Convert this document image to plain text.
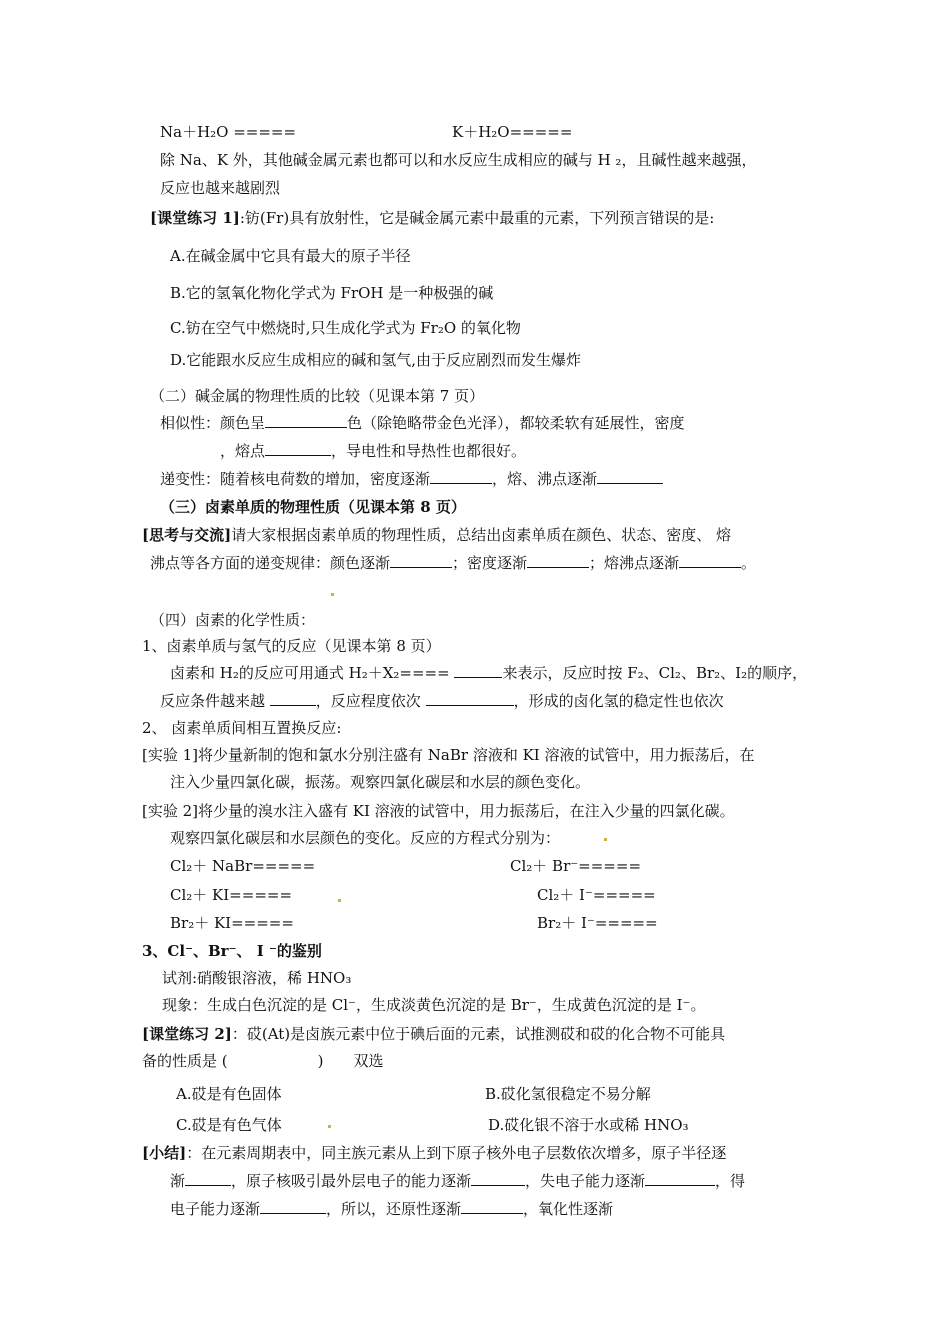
Na＋H₂O =====	K＋H₂O=====
除 Na、K 外，其他碱金属元素也都可以和水反应生成相应的碱与 H ₂，且碱性越来越强，
反应也越来越剧烈
[课堂练习 1]:钫(Fr)具有放射性，它是碱金属元素中最重的元素，下列预言错误的是:
A.在碱金属中它具有最大的原子半径
B.它的氢氧化物化学式为 FrOH 是一种极强的碱
C.钫在空气中燃烧时,只生成化学式为 Fr₂O 的氧化物
D.它能跟水反应生成相应的碱和氢气,由于反应剧烈而发生爆炸
（二）碱金属的物理性质的比较（见课本第 7 页）
相似性：颜色呈	色（除铯略带金色光泽），都较柔软有延展性，密度
，熔点	，导电性和导热性也都很好。
递变性：随着核电荷数的增加，密度逐渐	，熔、沸点逐渐
（三）卤素单质的物理性质（见课本第 8 页）
[思考与交流]请大家根据卤素单质的物理性质，总结出卤素单质在颜色、状态、密度、 熔
沸点等各方面的递变规律：颜色逐渐	；密度逐渐	；熔沸点逐渐	。
（四）卤素的化学性质：
1、卤素单质与氢气的反应（见课本第 8 页）
卤素和 H₂的反应可用通式 H₂＋X₂====	来表示，反应时按 F₂、Cl₂、Br₂、I₂的顺序，
反应条件越来越	，反应程度依次	，形成的卤化氢的稳定性也依次
2、 卤素单质间相互置换反应:
[实验 1]将少量新制的饱和氯水分别注盛有 NaBr 溶液和 KI 溶液的试管中，用力振荡后，在
注入少量四氯化碳，振荡。观察四氯化碳层和水层的颜色变化。
[实验 2]将少量的溴水注入盛有 KI 溶液的试管中，用力振荡后，在注入少量的四氯化碳。
观察四氯化碳层和水层颜色的变化。反应的方程式分别为：
Cl₂＋ NaBr=====	Cl₂＋ Br⁻=====
Cl₂＋ KI=====	Cl₂＋ I⁻=====
Br₂＋ KI=====	Br₂＋ I⁻=====
3、Cl⁻、Br⁻、 I ⁻的鉴别
试剂:硝酸银溶液，稀 HNO₃
现象：生成白色沉淀的是 Cl⁻，生成淡黄色沉淀的是 Br⁻，生成黄色沉淀的是 I⁻。
[课堂练习 2]：砹(At)是卤族元素中位于碘后面的元素，试推测砹和砹的化合物不可能具
备的性质是 (　　　　　　)　　双选
A.砹是有色固体	B.砹化氢很稳定不易分解
C.砹是有色气体	D.砹化银不溶于水或稀 HNO₃
[小结]：在元素周期表中，同主族元素从上到下原子核外电子层数依次增多，原子半径逐
渐	，原子核吸引最外层电子的能力逐渐	，失电子能力逐渐	，得
电子能力逐渐	，所以，还原性逐渐	，氧化性逐渐
